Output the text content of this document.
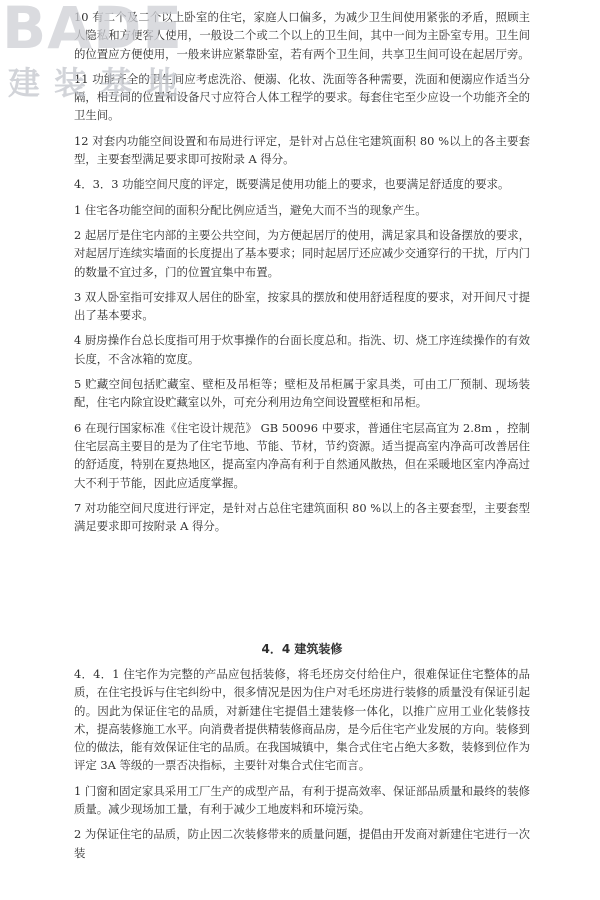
BADE
建装基地

10 有二个及二个以上卧室的住宅，家庭人口偏多，为减少卫生间使用紧张的矛盾，照顾主人隐私和方便客人使用，一般设二个或二个以上的卫生间，其中一间为主卧室专用。卫生间的位置应方便使用，一般来讲应紧靠卧室，若有两个卫生间，共享卫生间可设在起居厅旁。

11 功能齐全的卫生间应考虑洗浴、便溺、化妆、洗面等各种需要，洗面和便溺应作适当分隔，相互间的位置和设备尺寸应符合人体工程学的要求。每套住宅至少应设一个功能齐全的卫生间。

12 对套内功能空间设置和布局进行评定，是针对占总住宅建筑面积 80 %以上的各主要套型，主要套型满足要求即可按附录 A 得分。

4．3．3 功能空间尺度的评定，既要满足使用功能上的要求，也要满足舒适度的要求。

1 住宅各功能空间的面积分配比例应适当，避免大而不当的现象产生。

2 起居厅是住宅内部的主要公共空间，为方便起居厅的使用，满足家具和设备摆放的要求，对起居厅连续实墙面的长度提出了基本要求；同时起居厅还应减少交通穿行的干扰，厅内门的数量不宜过多，门的位置宜集中布置。

3 双人卧室指可安排双人居住的卧室，按家具的摆放和使用舒适程度的要求，对开间尺寸提出了基本要求。

4 厨房操作台总长度指可用于炊事操作的台面长度总和。指洗、切、烧工序连续操作的有效长度，不含冰箱的宽度。

5 贮藏空间包括贮藏室、壁柜及吊柜等；壁柜及吊柜属于家具类，可由工厂预制、现场装配，住宅内除宜设贮藏室以外，可充分利用边角空间设置壁柜和吊柜。

6 在现行国家标准《住宅设计规范》 GB 50096 中要求，普通住宅层高宜为 2.8m ，控制住宅层高主要目的是为了住宅节地、节能、节材，节约资源。适当提高室内净高可改善居住的舒适度，特别在夏热地区，提高室内净高有利于自然通风散热，但在采暖地区室内净高过大不利于节能，因此应适度掌握。

7 对功能空间尺度进行评定，是针对占总住宅建筑面积 80 %以上的各主要套型，主要套型满足要求即可按附录 A 得分。

4．4 建筑装修

4．4．1 住宅作为完整的产品应包括装修，将毛坯房交付给住户，很难保证住宅整体的品质，在住宅投诉与住宅纠纷中，很多情况是因为住户对毛坯房进行装修的质量没有保证引起的。因此为保证住宅的品质，对新建住宅提倡土建装修一体化，以推广应用工业化装修技术，提高装修施工水平。向消费者提供精装修商品房，是今后住宅产业发展的方向。装修到位的做法，能有效保证住宅的品质。在我国城镇中，集合式住宅占绝大多数，装修到位作为评定 3A 等级的一票否决指标，主要针对集合式住宅而言。

1 门窗和固定家具采用工厂生产的成型产品，有利于提高效率、保证部品质量和最终的装修质量。减少现场加工量，有利于减少工地废料和环境污染。

2 为保证住宅的品质，防止因二次装修带来的质量问题，提倡由开发商对新建住宅进行一次装
